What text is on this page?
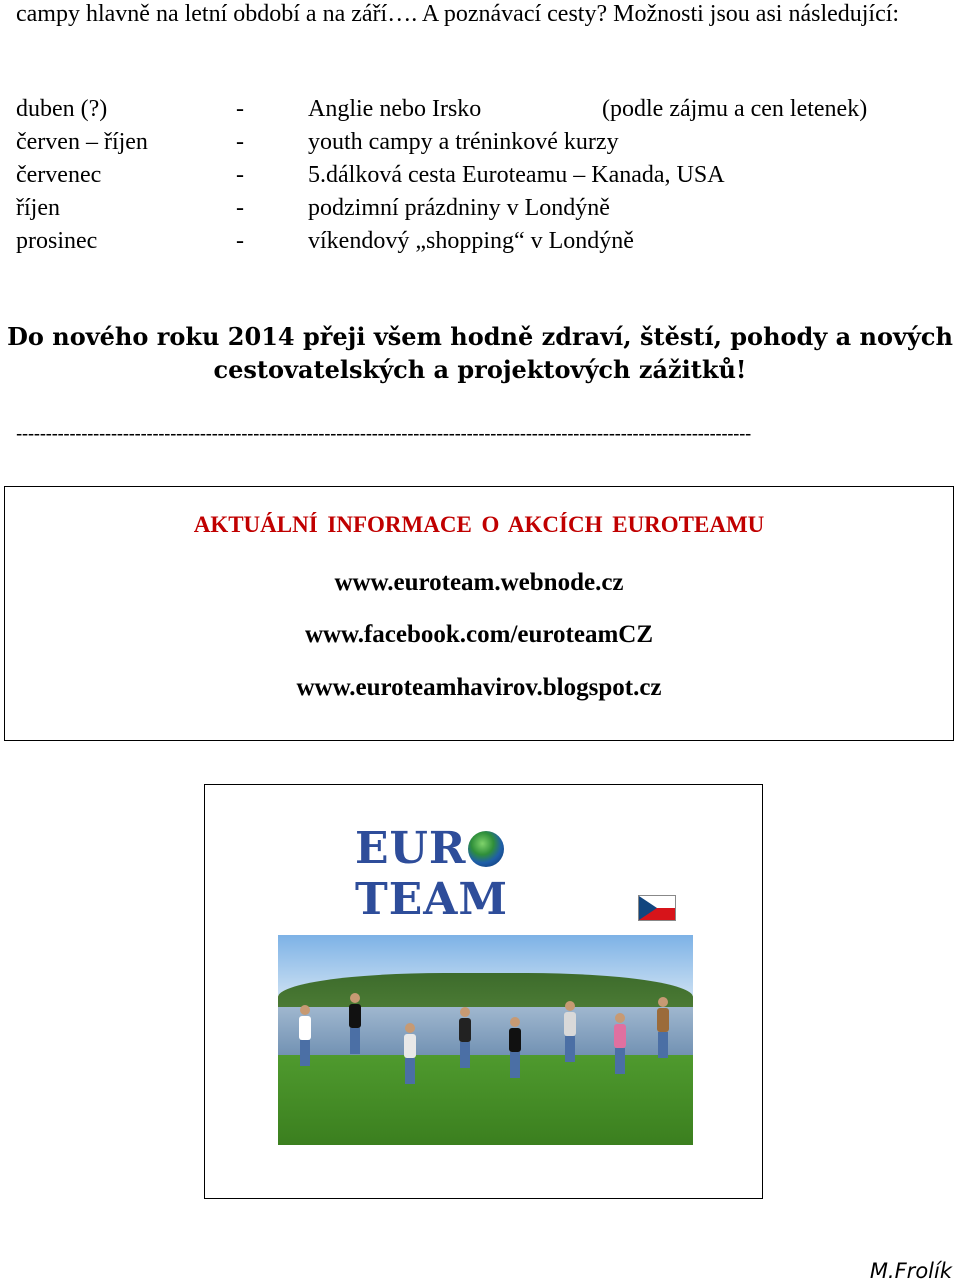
campy hlavně na letní období a na září…. A poznávací cesty? Možnosti jsou asi následující:

duben (?)	-	Anglie nebo Irsko	(podle zájmu a cen letenek)
červen – říjen	-	youth campy a tréninkové kurzy
červenec	-	5.dálková cesta Euroteamu – Kanada, USA
říjen	-	podzimní prázdniny v Londýně
prosinec	-	víkendový „shopping“ v Londýně

Do nového roku 2014 přeji všem hodně zdraví, štěstí, pohody a nových
cestovatelských a projektových zážitků!

----------------------------------------------------------------------------------------------------------------------------
AKTUÁLNÍ INFORMACE O AKCÍCH EUROTEAMU
www.euroteam.webnode.cz
www.facebook.com/euroteamCZ
www.euroteamhavirov.blogspot.cz
EURTEAM
M.Frolík
